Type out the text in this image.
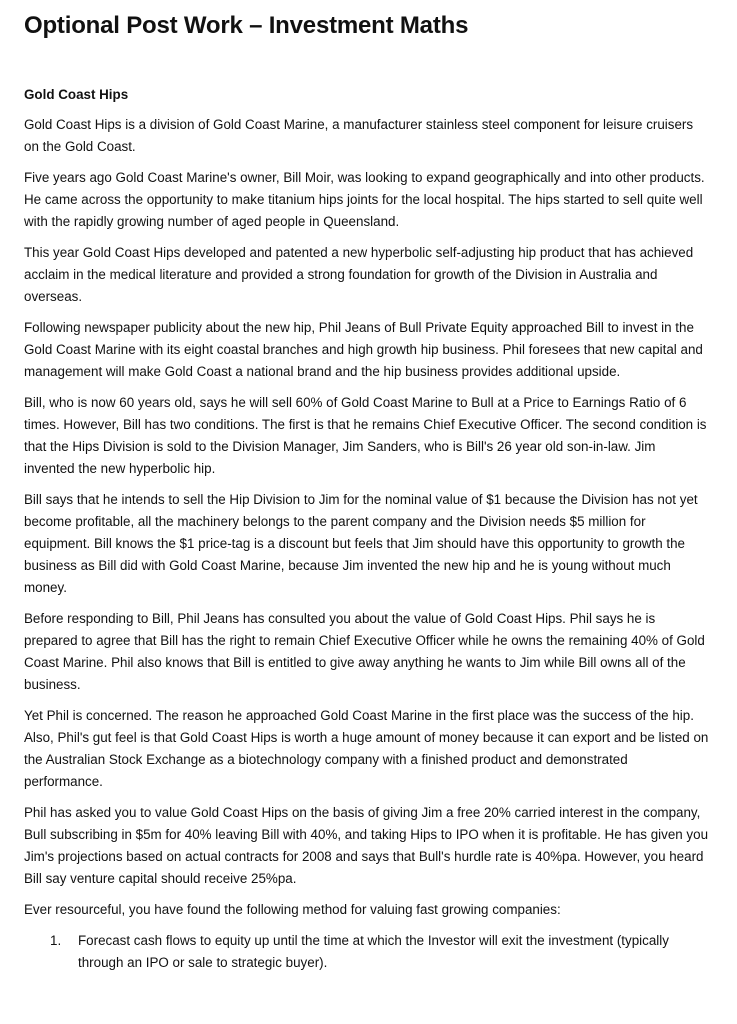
Optional Post Work – Investment Maths
Gold Coast Hips

Gold Coast Hips is a division of Gold Coast Marine, a manufacturer stainless steel component for leisure cruisers on the Gold Coast.

Five years ago Gold Coast Marine's owner, Bill Moir, was looking to expand geographically and into other products. He came across the opportunity to make titanium hips joints for the local hospital. The hips started to sell quite well with the rapidly growing number of aged people in Queensland.

This year Gold Coast Hips developed and patented a new hyperbolic self-adjusting hip product that has achieved acclaim in the medical literature and provided a strong foundation for growth of the Division in Australia and overseas.

Following newspaper publicity about the new hip, Phil Jeans of Bull Private Equity approached Bill to invest in the Gold Coast Marine with its eight coastal branches and high growth hip business. Phil foresees that new capital and management will make Gold Coast a national brand and the hip business provides additional upside.

Bill, who is now 60 years old, says he will sell 60% of Gold Coast Marine to Bull at a Price to Earnings Ratio of 6 times. However, Bill has two conditions. The first is that he remains Chief Executive Officer. The second condition is that the Hips Division is sold to the Division Manager, Jim Sanders, who is Bill's 26 year old son-in-law. Jim invented the new hyperbolic hip.

Bill says that he intends to sell the Hip Division to Jim for the nominal value of $1 because the Division has not yet become profitable, all the machinery belongs to the parent company and the Division needs $5 million for equipment. Bill knows the $1 price-tag is a discount but feels that Jim should have this opportunity to growth the business as Bill did with Gold Coast Marine, because Jim invented the new hip and he is young without much money.

Before responding to Bill, Phil Jeans has consulted you about the value of Gold Coast Hips. Phil says he is prepared to agree that Bill has the right to remain Chief Executive Officer while he owns the remaining 40% of Gold Coast Marine. Phil also knows that Bill is entitled to give away anything he wants to Jim while Bill owns all of the business.

Yet Phil is concerned. The reason he approached Gold Coast Marine in the first place was the success of the hip. Also, Phil's gut feel is that Gold Coast Hips is worth a huge amount of money because it can export and be listed on the Australian Stock Exchange as a biotechnology company with a finished product and demonstrated performance.

Phil has asked you to value Gold Coast Hips on the basis of giving Jim a free 20% carried interest in the company, Bull subscribing in $5m for 40% leaving Bill with 40%, and taking Hips to IPO when it is profitable. He has given you Jim's projections based on actual contracts for 2008 and says that Bull's hurdle rate is 40%pa. However, you heard Bill say venture capital should receive 25%pa.

Ever resourceful, you have found the following method for valuing fast growing companies:

1. Forecast cash flows to equity up until the time at which the Investor will exit the investment (typically through an IPO or sale to strategic buyer).
